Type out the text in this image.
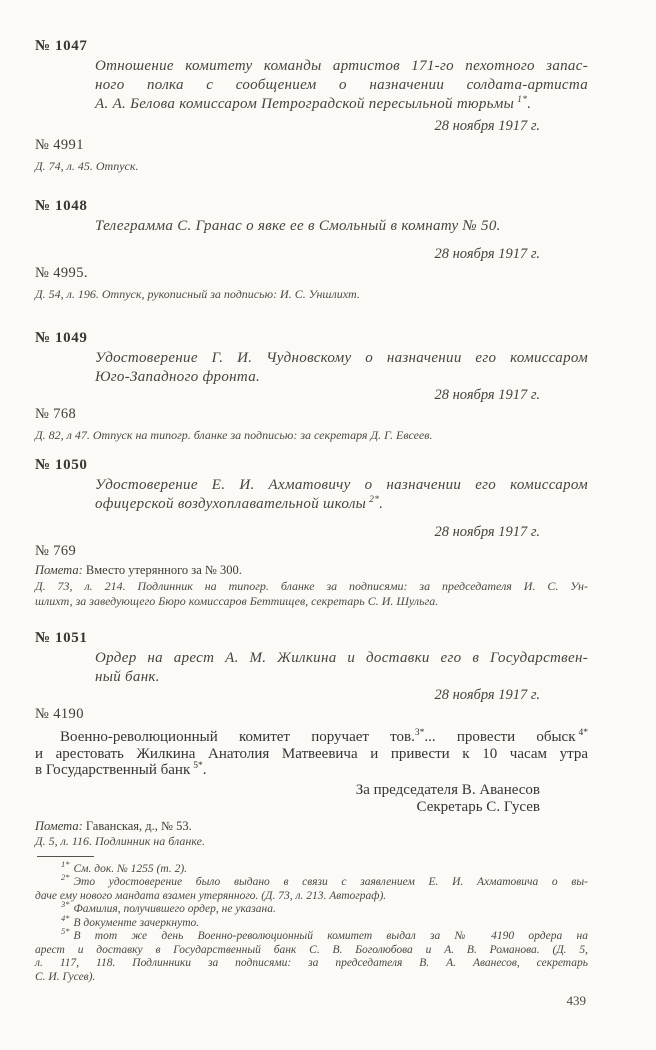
№ 1047
Отношение комитету команды артистов 171-го пехотного запас-
ного полка с сообщением о назначении солдата-артиста
А. А. Белова комиссаром Петроградской пересыльной тюрьмы $^{1*}$.
28 ноября 1917 г.
№ 4991
Д. 74, л. 45. Отпуск.
№ 1048
Телеграмма С. Гранас о явке ее в Смольный в комнату № 50.
28 ноября 1917 г.
№ 4995.
Д. 54, л. 196. Отпуск, рукописный за подписью: И. С. Уншлихт.
№ 1049
Удостоверение Г. И. Чудновскому о назначении его комиссаром
Юго-Западного фронта.
28 ноября 1917 г.
№ 768
Д. 82, л 47. Отпуск на типогр. бланке за подписью: за секретаря Д. Г. Евсеев.
№ 1050
Удостоверение Е. И. Ахматовичу о назначении его комиссаром
офицерской воздухоплавательной школы $^{2*}$.
28 ноября 1917 г.
№ 769
Помета: Вместо утерянного за № 300.
Д. 73, л. 214. Подлинник на типогр. бланке за подписями: за председателя И. С. Ун-
шлихт, за заведующего Бюро комиссаров Беттищев, секретарь С. И. Шульга.
№ 1051
Ордер на арест А. М. Жилкина и доставки его в Государствен-
ный банк.
28 ноября 1917 г.
№ 4190
Военно-революционный комитет поручает тов.$^{3*}$... провести обыск $^{4*}$
и арестовать Жилкина Анатолия Матвеевича и привести к 10 часам утра
в Государственный банк $^{5*}$.
За председателя В. Аванесов
Секретарь С. Гусев
Помета: Гаванская, д., № 53.
Д. 5, л. 116. Подлинник на бланке.
$^{1*}$ См. док. № 1255 (т. 2).
$^{2*}$ Это удостоверение было выдано в связи с заявлением Е. И. Ахматовича о вы-
даче ему нового мандата взамен утерянного. (Д. 73, л. 213. Автограф).
$^{3*}$ Фамилия, получившего ордер, не указана.
$^{4*}$ В документе зачеркнуто.
$^{5*}$ В тот же день Военно-революционный комитет выдал за № 4190 ордера на
арест и доставку в Государственный банк С. В. Боголюбова и А. В. Романова. (Д. 5,
л. 117, 118. Подлинники за подписями: за председателя В. А. Аванесов, секретарь
С. И. Гусев).
439
